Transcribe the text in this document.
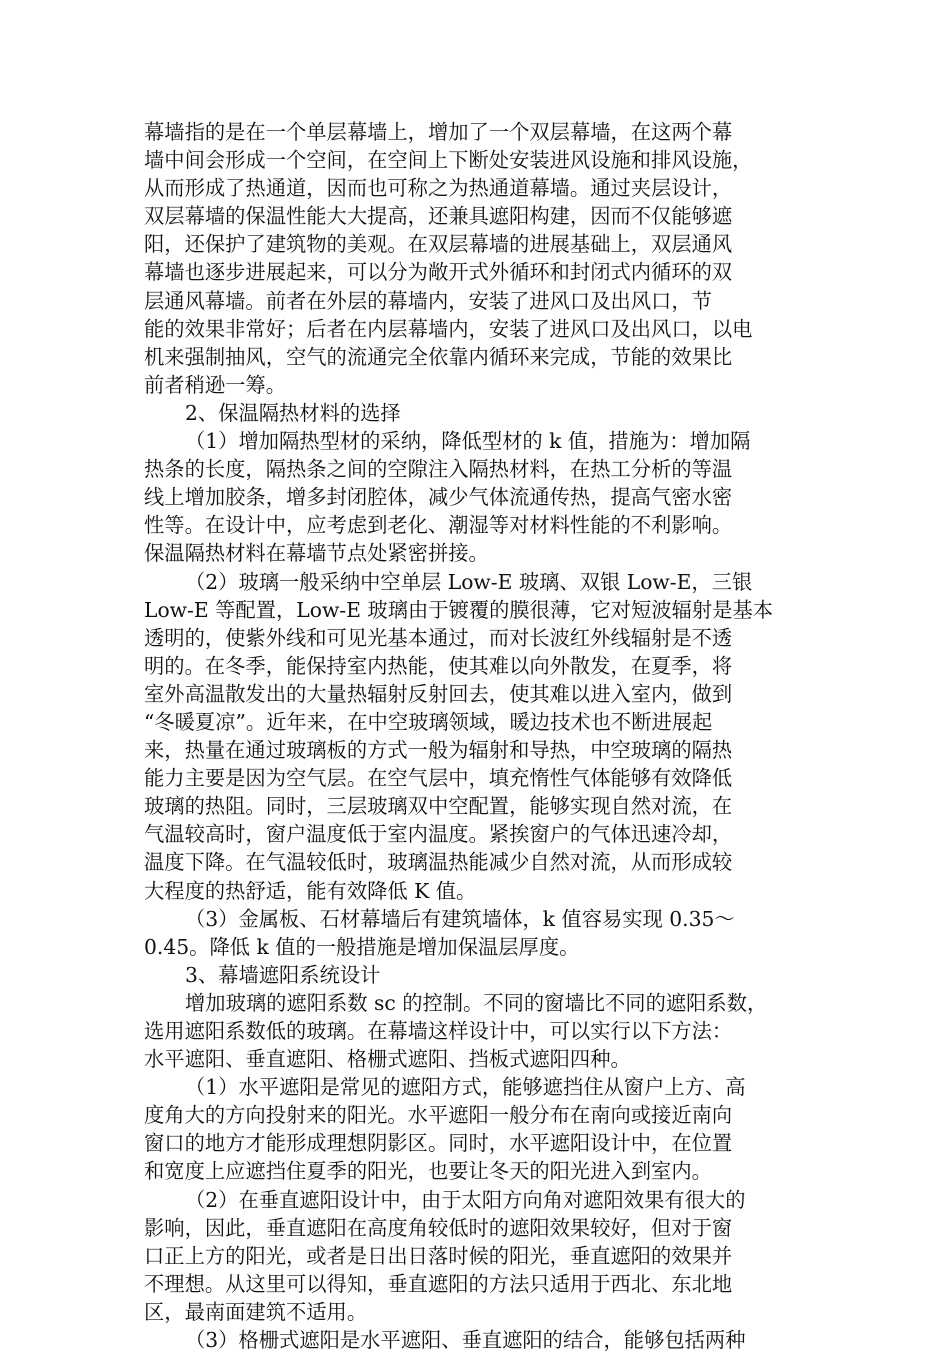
幕墙指的是在一个单层幕墙上，增加了一个双层幕墙，在这两个幕
墙中间会形成一个空间，在空间上下断处安装进风设施和排风设施，
从而形成了热通道，因而也可称之为热通道幕墙。通过夹层设计，
双层幕墙的保温性能大大提高，还兼具遮阳构建，因而不仅能够遮
阳，还保护了建筑物的美观。在双层幕墙的进展基础上，双层通风
幕墙也逐步进展起来，可以分为敞开式外循环和封闭式内循环的双
层通风幕墙。前者在外层的幕墙内，安装了进风口及出风口，节
能的效果非常好；后者在内层幕墙内，安装了进风口及出风口，以电
机来强制抽风，空气的流通完全依靠内循环来完成，节能的效果比
前者稍逊一筹。
2、保温隔热材料的选择
（1）增加隔热型材的采纳，降低型材的 k 值，措施为：增加隔
热条的长度，隔热条之间的空隙注入隔热材料，在热工分析的等温
线上增加胶条，增多封闭腔体，减少气体流通传热，提高气密水密
性等。在设计中，应考虑到老化、潮湿等对材料性能的不利影响。
保温隔热材料在幕墙节点处紧密拼接。
（2）玻璃一般采纳中空单层 Low-E 玻璃、双银 Low-E，三银
Low-E 等配置，Low-E 玻璃由于镀覆的膜很薄，它对短波辐射是基本
透明的，使紫外线和可见光基本通过，而对长波红外线辐射是不透
明的。在冬季，能保持室内热能，使其难以向外散发，在夏季，将
室外高温散发出的大量热辐射反射回去，使其难以进入室内，做到
“冬暖夏凉”。近年来，在中空玻璃领域，暖边技术也不断进展起
来，热量在通过玻璃板的方式一般为辐射和导热，中空玻璃的隔热
能力主要是因为空气层。在空气层中，填充惰性气体能够有效降低
玻璃的热阻。同时，三层玻璃双中空配置，能够实现自然对流，在
气温较高时，窗户温度低于室内温度。紧挨窗户的气体迅速冷却，
温度下降。在气温较低时，玻璃温热能减少自然对流，从而形成较
大程度的热舒适，能有效降低 K 值。
（3）金属板、石材幕墙后有建筑墙体，k 值容易实现 0.35～
0.45。降低 k 值的一般措施是增加保温层厚度。
3、幕墙遮阳系统设计
增加玻璃的遮阳系数 sc 的控制。不同的窗墙比不同的遮阳系数，
选用遮阳系数低的玻璃。在幕墙这样设计中，可以实行以下方法：
水平遮阳、垂直遮阳、格栅式遮阳、挡板式遮阳四种。
（1）水平遮阳是常见的遮阳方式，能够遮挡住从窗户上方、高
度角大的方向投射来的阳光。水平遮阳一般分布在南向或接近南向
窗口的地方才能形成理想阴影区。同时，水平遮阳设计中，在位置
和宽度上应遮挡住夏季的阳光，也要让冬天的阳光进入到室内。
（2）在垂直遮阳设计中，由于太阳方向角对遮阳效果有很大的
影响，因此，垂直遮阳在高度角较低时的遮阳效果较好，但对于窗
口正上方的阳光，或者是日出日落时候的阳光，垂直遮阳的效果并
不理想。从这里可以得知，垂直遮阳的方法只适用于西北、东北地
区，最南面建筑不适用。
（3）格栅式遮阳是水平遮阳、垂直遮阳的结合，能够包括两种
